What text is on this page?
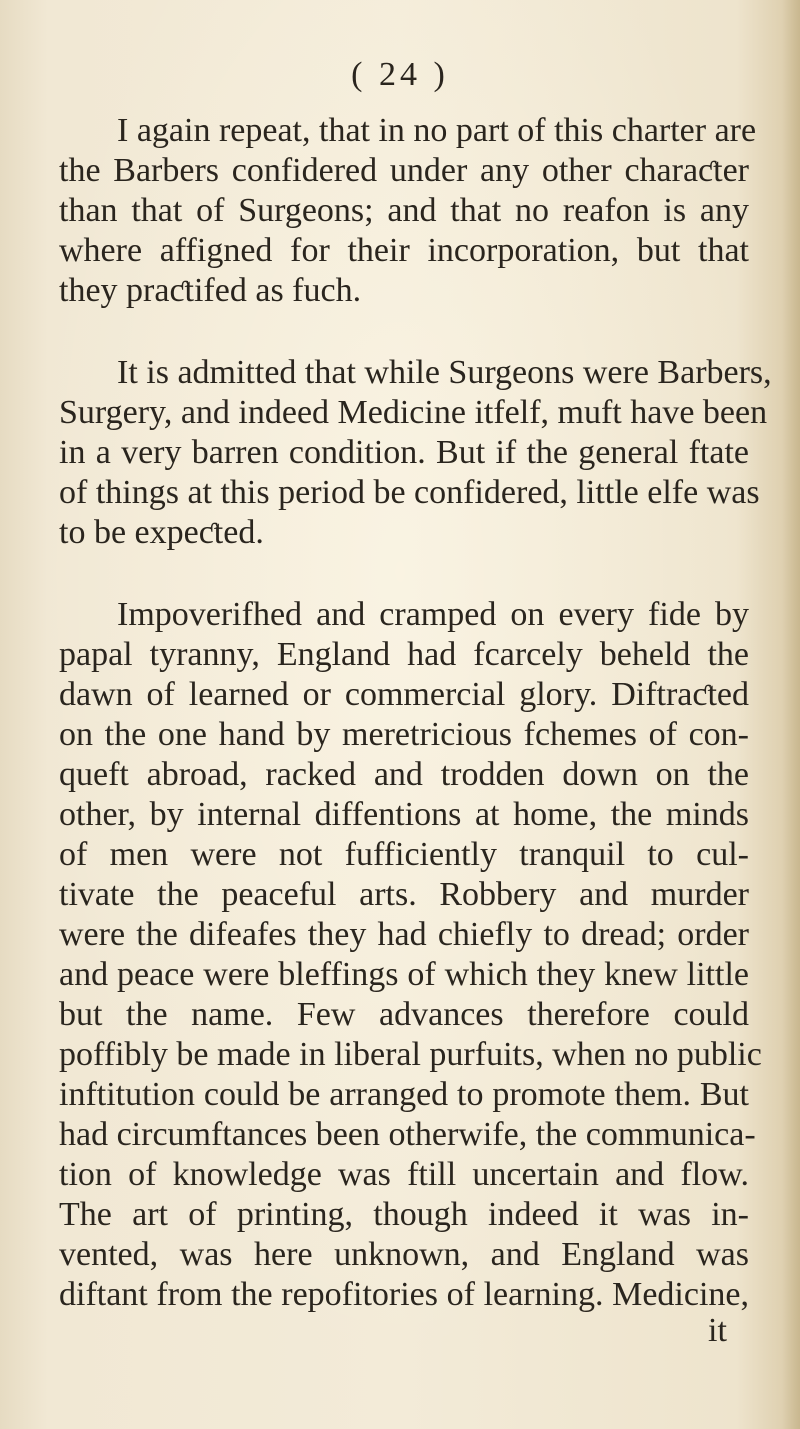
( 24 )

I again repeat, that in no part of this charter are

the Barbers confidered under any other charaƈter

than that of Surgeons; and that no reafon is any

where affigned for their incorporation, but that

they praƈtifed as fuch.

It is admitted that while Surgeons were Barbers,

Surgery, and indeed Medicine itfelf, muft have been

in a very barren condition. But if the general ftate

of things at this period be confidered, little elfe was

to be expeƈted.

Impoverifhed and cramped on every fide by

papal tyranny, England had fcarcely beheld the

dawn of learned or commercial glory. Diftraƈted

on the one hand by meretricious fchemes of con-

queft abroad, racked and trodden down on the

other, by internal diffentions at home, the minds

of men were not fufficiently tranquil to cul-

tivate the peaceful arts. Robbery and murder

were the difeafes they had chiefly to dread; order

and peace were bleffings of which they knew little

but the name. Few advances therefore could

poffibly be made in liberal purfuits, when no public

inftitution could be arranged to promote them. But

had circumftances been otherwife, the communica-

tion of knowledge was ftill uncertain and flow.

The art of printing, though indeed it was in-

vented, was here unknown, and England was

diftant from the repofitories of learning. Medicine,

it
